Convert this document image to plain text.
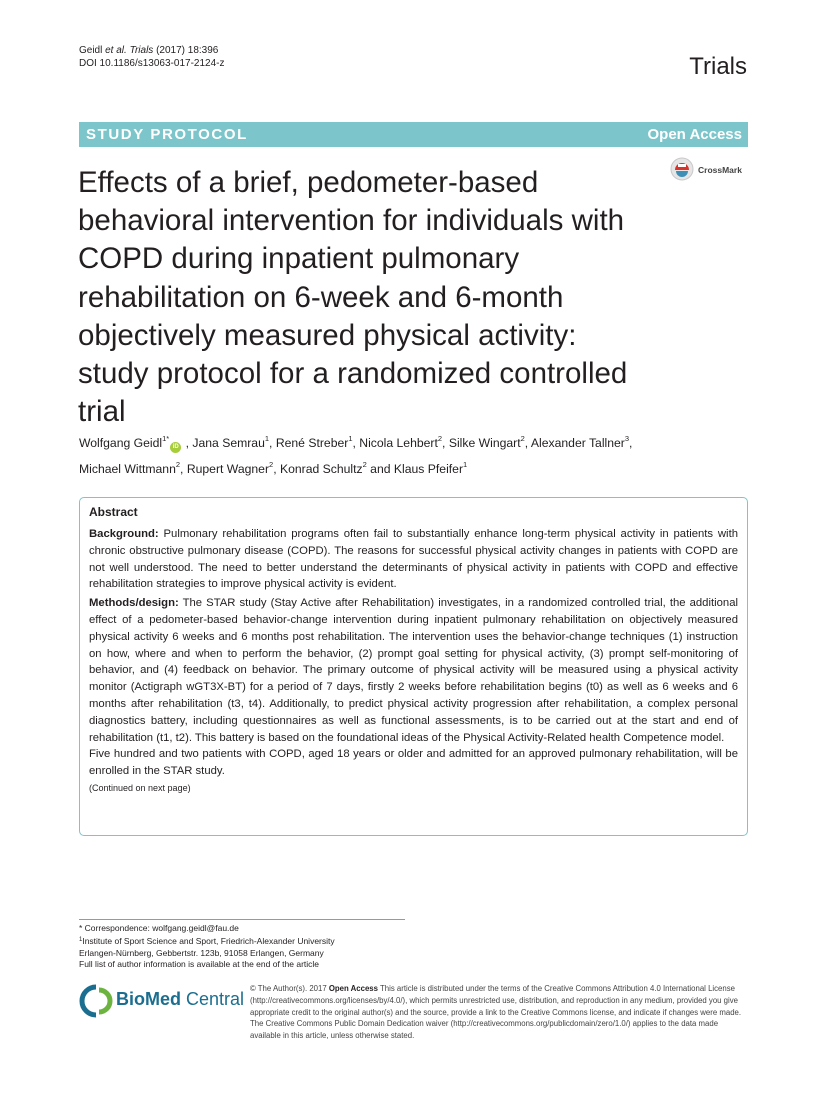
Geidl et al. Trials (2017) 18:396
DOI 10.1186/s13063-017-2124-z	Trials
STUDY PROTOCOL	Open Access
CrossMark
Effects of a brief, pedometer-based
behavioral intervention for individuals with
COPD during inpatient pulmonary
rehabilitation on 6-week and 6-month
objectively measured physical activity:
study protocol for a randomized controlled
trial
Wolfgang Geidl$^{1*}$iD , Jana Semrau$^1$, René Streber$^1$, Nicola Lehbert$^2$, Silke Wingart$^2$, Alexander Tallner$^3$,
Michael Wittmann$^2$, Rupert Wagner$^2$, Konrad Schultz$^2$ and Klaus Pfeifer$^1$
Abstract

Background: Pulmonary rehabilitation programs often fail to substantially enhance long-term physical activity in patients with chronic obstructive pulmonary disease (COPD). The reasons for successful physical activity changes in patients with COPD are not well understood. The need to better understand the determinants of physical activity in patients with COPD and effective rehabilitation strategies to improve physical activity is evident.

Methods/design: The STAR study (Stay Active after Rehabilitation) investigates, in a randomized controlled trial, the additional effect of a pedometer-based behavior-change intervention during inpatient pulmonary rehabilitation on objectively measured physical activity 6 weeks and 6 months post rehabilitation. The intervention uses the behavior-change techniques (1) instruction on how, where and when to perform the behavior, (2) prompt goal setting for physical activity, (3) prompt self-monitoring of behavior, and (4) feedback on behavior. The primary outcome of physical activity will be measured using a physical activity monitor (Actigraph wGT3X-BT) for a period of 7 days, firstly 2 weeks before rehabilitation begins (t0) as well as 6 weeks and 6 months after rehabilitation (t3, t4). Additionally, to predict physical activity progression after rehabilitation, a complex personal diagnostics battery, including questionnaires as well as functional assessments, is to be carried out at the start and end of rehabilitation (t1, t2). This battery is based on the foundational ideas of the Physical Activity-Related health Competence model.

Five hundred and two patients with COPD, aged 18 years or older and admitted for an approved pulmonary rehabilitation, will be enrolled in the STAR study.

(Continued on next page)
* Correspondence: wolfgang.geidl@fau.de
$^1$Institute of Sport Science and Sport, Friedrich-Alexander University
Erlangen-Nürnberg, Gebbertstr. 123b, 91058 Erlangen, Germany
Full list of author information is available at the end of the article
BioMed Central
© The Author(s). 2017 Open Access This article is distributed under the terms of the Creative Commons Attribution 4.0 International License (http://creativecommons.org/licenses/by/4.0/), which permits unrestricted use, distribution, and reproduction in any medium, provided you give appropriate credit to the original author(s) and the source, provide a link to the Creative Commons license, and indicate if changes were made. The Creative Commons Public Domain Dedication waiver (http://creativecommons.org/publicdomain/zero/1.0/) applies to the data made available in this article, unless otherwise stated.
